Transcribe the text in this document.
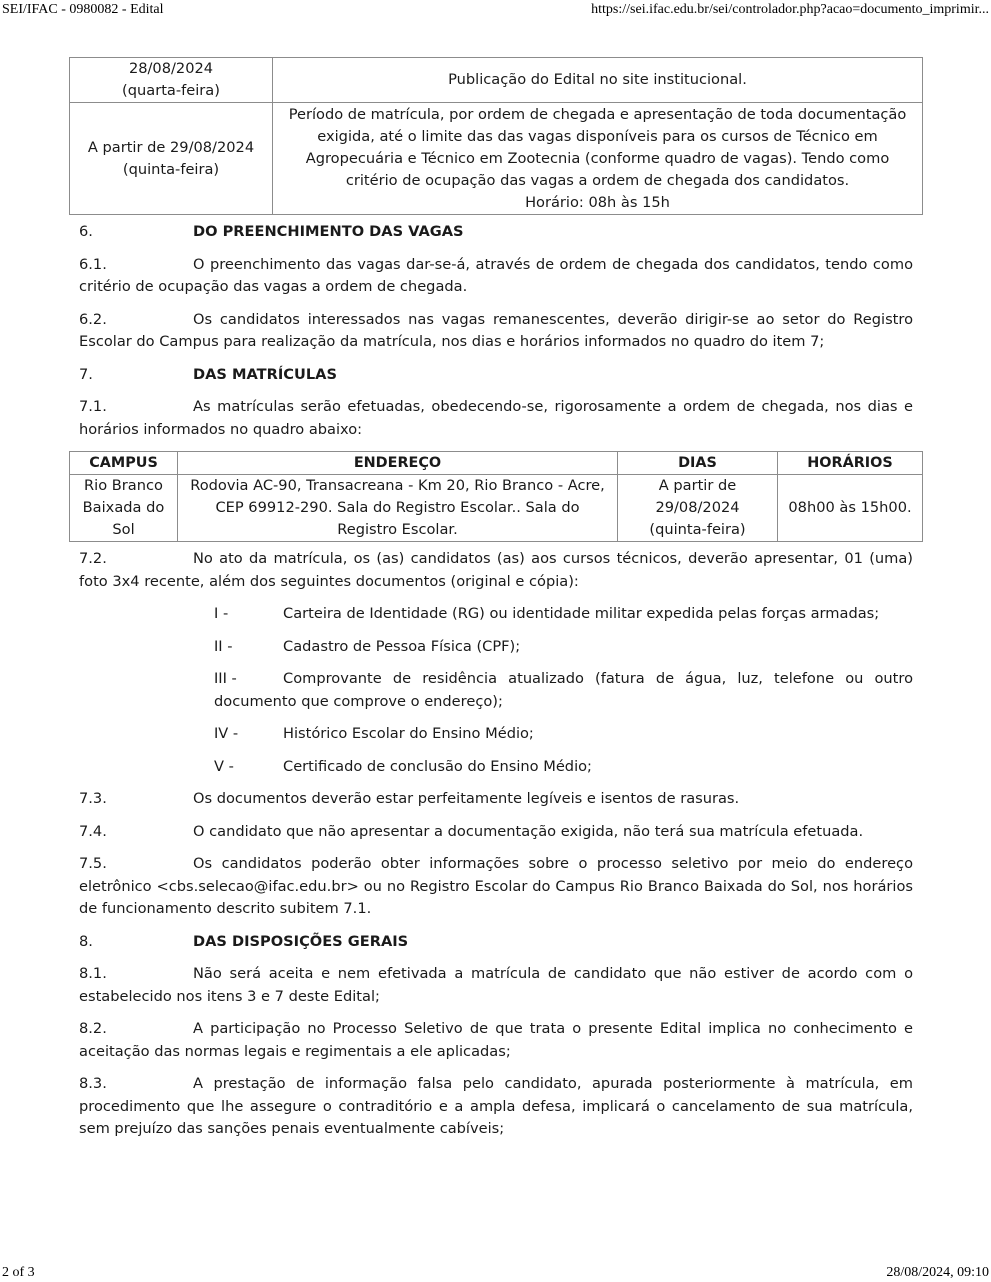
SEI/IFAC - 0980082 - Edital	https://sei.ifac.edu.br/sei/controlador.php?acao=documento_imprimir...
28/08/2024
(quarta-feira)	Publicação do Edital no site institucional.
A partir de 29/08/2024
(quinta-feira)	Período de matrícula, por ordem de chegada e apresentação de toda documentação exigida, até o limite das das vagas disponíveis para os cursos de Técnico em Agropecuária e Técnico em Zootecnia (conforme quadro de vagas). Tendo como critério de ocupação das vagas a ordem de chegada dos candidatos.
Horário: 08h às 15h

6.	DO PREENCHIMENTO DAS VAGAS

6.1.	O preenchimento das vagas dar-se-á, através de ordem de chegada dos candidatos, tendo como critério de ocupação das vagas a ordem de chegada.

6.2.	Os candidatos interessados nas vagas remanescentes, deverão dirigir-se ao setor do Registro Escolar do Campus para realização da matrícula, nos dias e horários informados no quadro do item 7;

7.	DAS MATRÍCULAS

7.1.	As matrículas serão efetuadas, obedecendo-se, rigorosamente a ordem de chegada, nos dias e horários informados no quadro abaixo:

CAMPUS	ENDEREÇO	DIAS	HORÁRIOS
Rio Branco Baixada do Sol	Rodovia AC-90, Transacreana - Km 20, Rio Branco - Acre, CEP 69912-290. Sala do Registro Escolar.. Sala do Registro Escolar.	A partir de
29/08/2024
(quinta-feira)	08h00 às 15h00.

7.2.	No ato da matrícula, os (as) candidatos (as) aos cursos técnicos, deverão apresentar, 01 (uma) foto 3x4 recente, além dos seguintes documentos (original e cópia):

I -	Carteira de Identidade (RG) ou identidade militar expedida pelas forças armadas;

II -	Cadastro de Pessoa Física (CPF);

III -	Comprovante de residência atualizado (fatura de água, luz, telefone ou outro documento que comprove o endereço);

IV -	Histórico Escolar do Ensino Médio;

V -	Certificado de conclusão do Ensino Médio;

7.3.	Os documentos deverão estar perfeitamente legíveis e isentos de rasuras.

7.4.	O candidato que não apresentar a documentação exigida, não terá sua matrícula efetuada.

7.5.	Os candidatos poderão obter informações sobre o processo seletivo por meio do endereço eletrônico <cbs.selecao@ifac.edu.br> ou no Registro Escolar do Campus Rio Branco Baixada do Sol, nos horários de funcionamento descrito subitem 7.1.

8.	DAS DISPOSIÇÕES GERAIS

8.1.	Não será aceita e nem efetivada a matrícula de candidato que não estiver de acordo com o estabelecido nos itens 3 e 7 deste Edital;

8.2.	A participação no Processo Seletivo de que trata o presente Edital implica no conhecimento e aceitação das normas legais e regimentais a ele aplicadas;

8.3.	A prestação de informação falsa pelo candidato, apurada posteriormente à matrícula, em procedimento que lhe assegure o contraditório e a ampla defesa, implicará o cancelamento de sua matrícula, sem prejuízo das sanções penais eventualmente cabíveis;

2 of 3	28/08/2024, 09:10
